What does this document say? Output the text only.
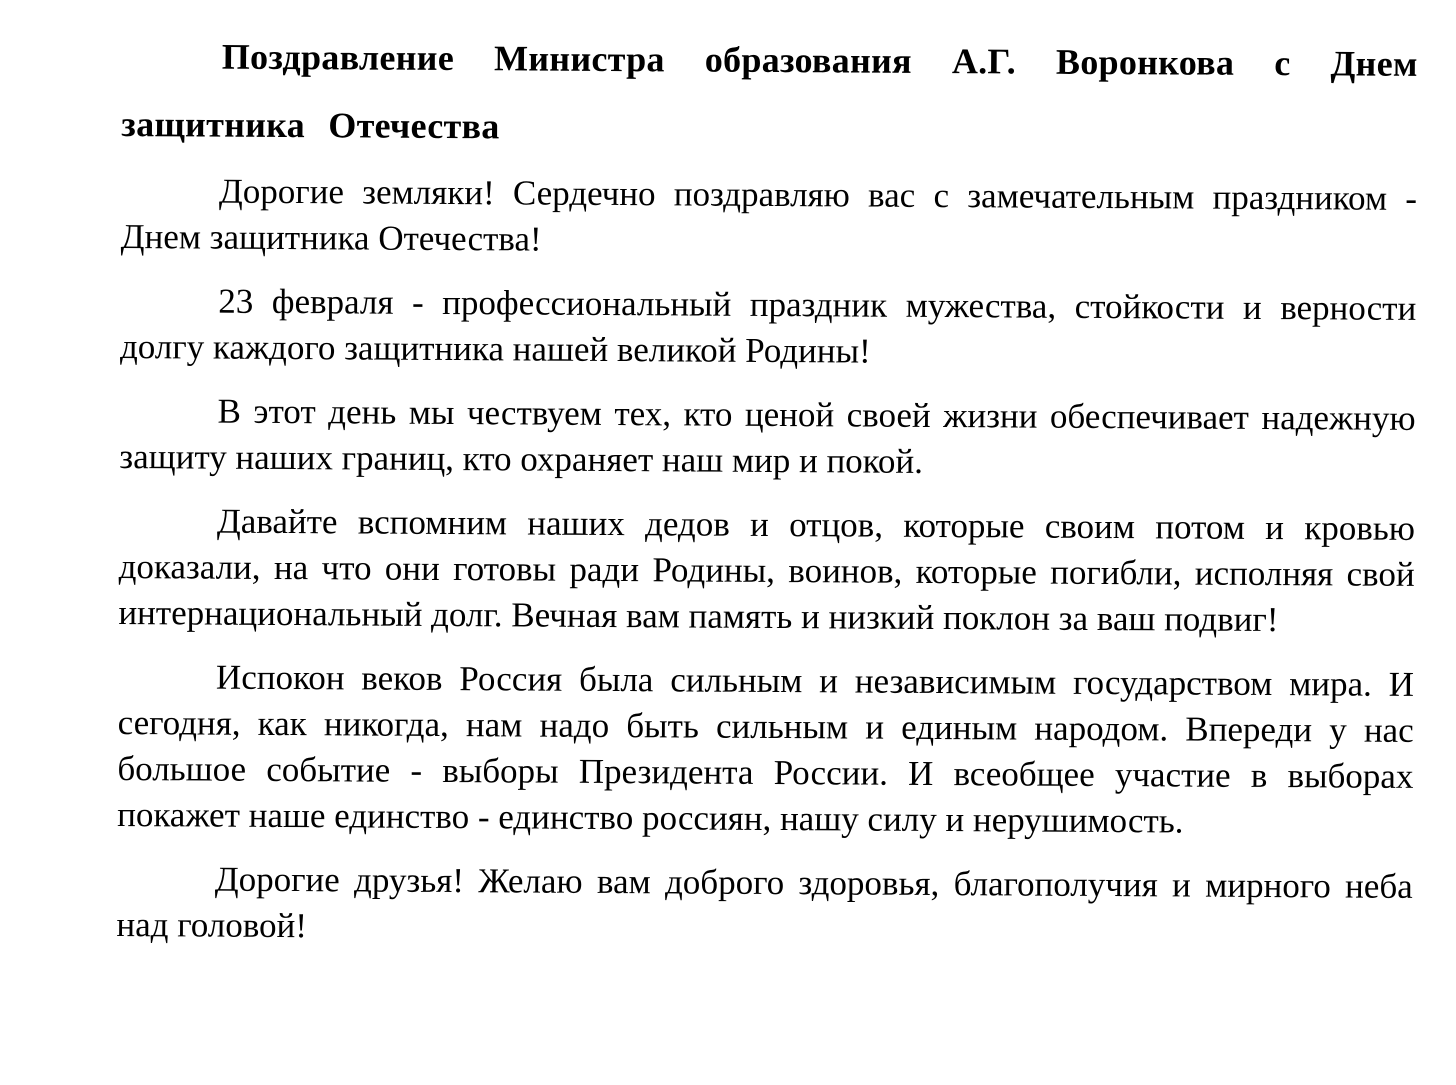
Поздравление Министра образования А.Г. Воронкова с Днем защитника Отечества

Дорогие земляки! Сердечно поздравляю вас с замечательным праздником - Днем защитника Отечества!

23 февраля - профессиональный праздник мужества, стойкости и верности долгу каждого защитника нашей великой Родины!

В этот день мы чествуем тех, кто ценой своей жизни обеспечивает надежную защиту наших границ, кто охраняет наш мир и покой.

Давайте вспомним наших дедов и отцов, которые своим потом и кровью доказали, на что они готовы ради Родины, воинов, которые погибли, исполняя свой интернациональный долг. Вечная вам память и низкий поклон за ваш подвиг!

Испокон веков Россия была сильным и независимым государством мира. И сегодня, как никогда, нам надо быть сильным и единым народом. Впереди у нас большое событие - выборы Президента России. И всеобщее участие в выборах покажет наше единство - единство россиян, нашу силу и нерушимость.

Дорогие друзья! Желаю вам доброго здоровья, благополучия и мирного неба над головой!
